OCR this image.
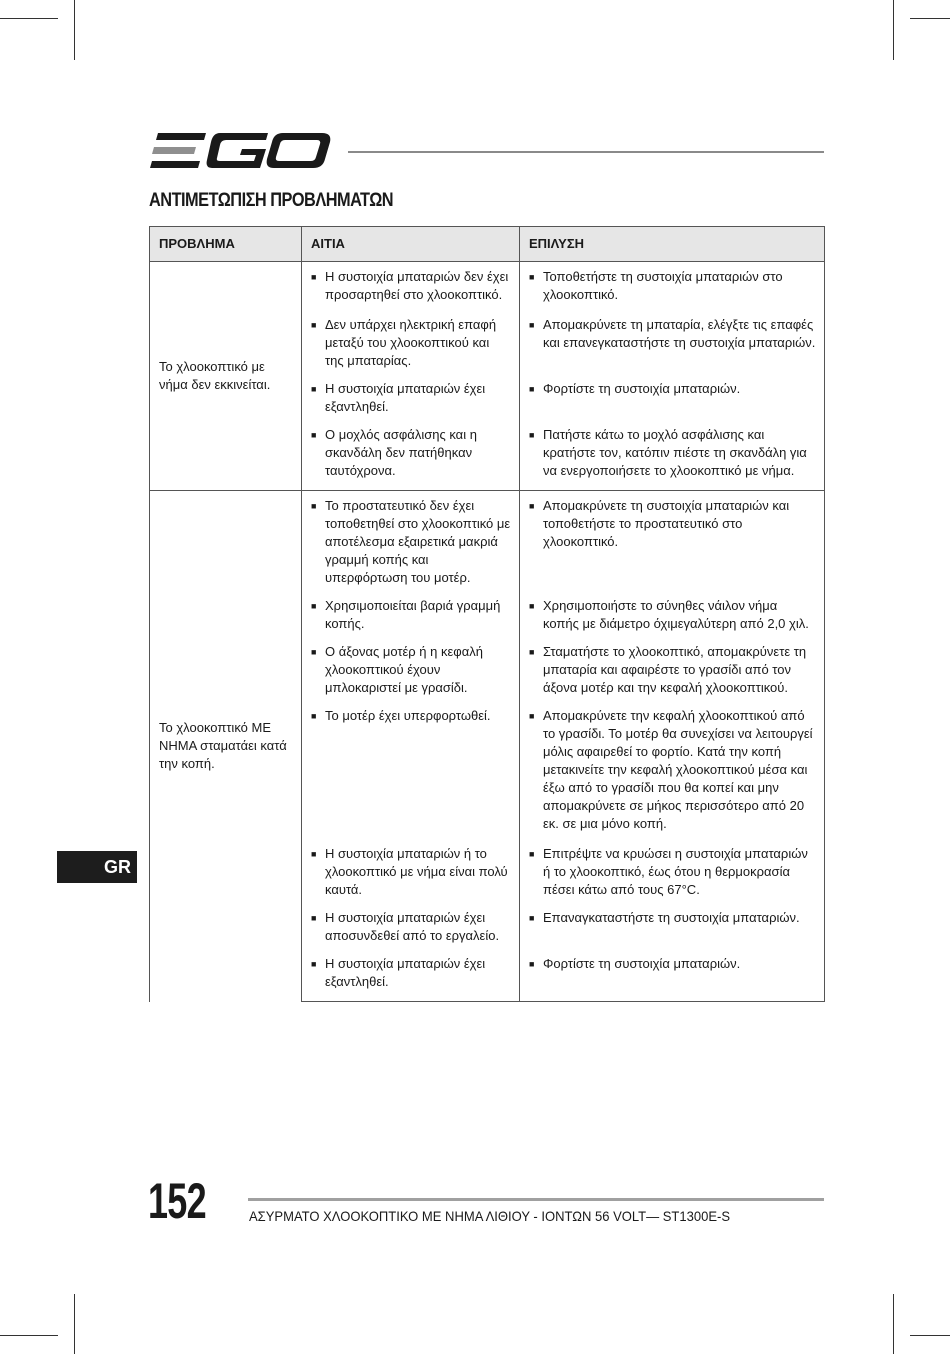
ΑΝΤΙΜΕΤΩΠΙΣΗ ΠΡΟΒΛΗΜΑΤΩΝ
ΠΡΟΒΛΗΜΑ	ΑΙΤΙΑ	ΕΠΙΛΥΣΗ
Το χλοοκοπτικό με νήμα δεν εκκινείται.	■ Η συστοιχία μπαταριών δεν έχει προσαρτηθεί στο χλοοκοπτικό.	■ Τοποθετήστε τη συστοιχία μπαταριών στο χλοοκοπτικό.

	■ Δεν υπάρχει ηλεκτρική επαφή μεταξύ του χλοοκοπτικού και της μπαταρίας.	■ Απομακρύνετε τη μπαταρία, ελέγξτε τις επαφές και επανεγκαταστήστε τη συστοιχία μπαταριών.

	■ Η συστοιχία μπαταριών έχει εξαντληθεί.	■ Φορτίστε τη συστοιχία μπαταριών.

	■ Ο μοχλός ασφάλισης και η σκανδάλη δεν πατήθηκαν ταυτόχρονα.	■ Πατήστε κάτω το μοχλό ασφάλισης και κρατήστε τον, κατόπιν πιέστε τη σκανδάλη για να ενεργοποιήσετε το χλοοκοπτικό με νήμα.

Το χλοοκοπτικό ΜΕ ΝΗΜΑ σταματάει κατά την κοπή.	■ Το προστατευτικό δεν έχει τοποθετηθεί στο χλοοκοπτικό με αποτέλεσμα εξαιρετικά μακριά γραμμή κοπής και υπερφόρτωση του μοτέρ.	■ Απομακρύνετε τη συστοιχία μπαταριών και τοποθετήστε το προστατευτικό στο χλοοκοπτικό.

	■ Χρησιμοποιείται βαριά γραμμή κοπής.	■ Χρησιμοποιήστε το σύνηθες νάιλον νήμα κοπής με διάμετρο όχιμεγαλύτερη από 2,0 χιλ.

	■ Ο άξονας μοτέρ ή η κεφαλή χλοοκοπτικού έχουν μπλοκαριστεί με γρασίδι.	■ Σταματήστε το χλοοκοπτικό, απομακρύνετε τη μπαταρία και αφαιρέστε το γρασίδι από τον άξονα μοτέρ και την κεφαλή χλοοκοπτικού.

	■ Το μοτέρ έχει υπερφορτωθεί.	■ Απομακρύνετε την κεφαλή χλοοκοπτικού από το γρασίδι. Το μοτέρ θα συνεχίσει να λειτουργεί μόλις αφαιρεθεί το φορτίο. Κατά την κοπή μετακινείτε την κεφαλή χλοοκοπτικού μέσα και έξω από το γρασίδι που θα κοπεί και μην απομακρύνετε σε μήκος περισσότερο από 20 εκ. σε μια μόνο κοπή.

	■ Η συστοιχία μπαταριών ή το χλοοκοπτικό με νήμα είναι πολύ καυτά.	■ Επιτρέψτε να κρυώσει η συστοιχία μπαταριών ή το χλοοκοπτικό, έως ότου η θερμοκρασία πέσει κάτω από τους 67°C.

	■ Η συστοιχία μπαταριών έχει αποσυνδεθεί από το εργαλείο.	■ Επαναγκαταστήστε τη συστοιχία μπαταριών.

	■ Η συστοιχία μπαταριών έχει εξαντληθεί.	■ Φορτίστε τη συστοιχία μπαταριών.
GR
152	ΑΣΥΡΜΑΤΟ ΧΛΟΟΚΟΠΤΙΚΟ ΜΕ ΝΗΜΑ ΛΙΘΙΟΥ - ΙΟΝΤΩΝ 56 VOLT— ST1300E-S
